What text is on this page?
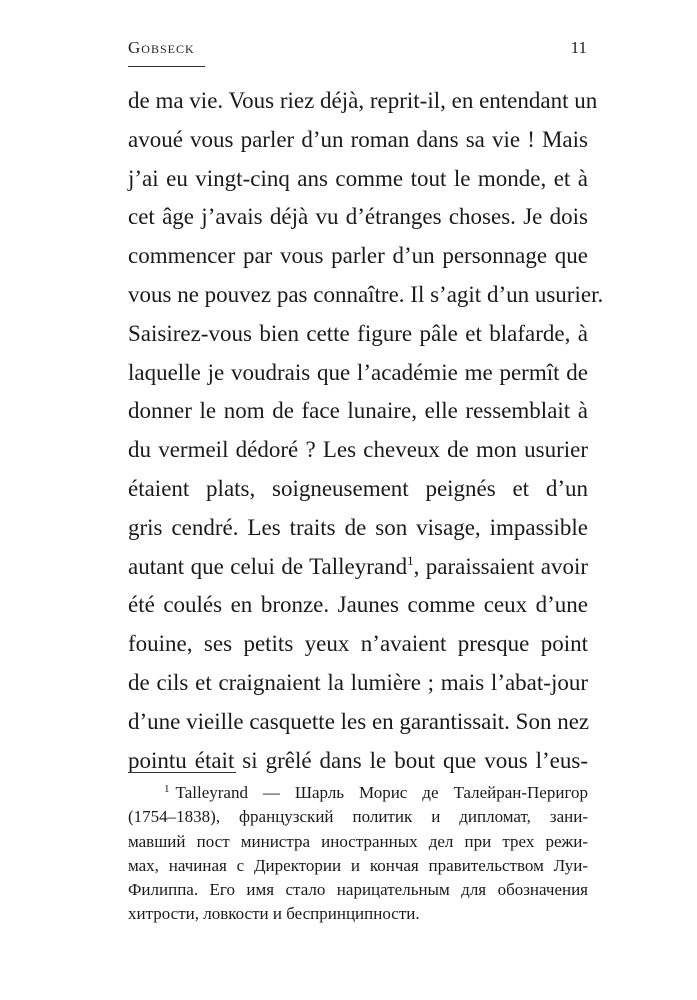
Gobseck	11
de ma vie. Vous riez déjà, reprit-il, en entendant un
avoué vous parler d’un roman dans sa vie ! Mais
j’ai eu vingt-cinq ans comme tout le monde, et à
cet âge j’avais déjà vu d’étranges choses. Je dois
commencer par vous parler d’un personnage que
vous ne pouvez pas connaître. Il s’agit d’un usurier.
Saisirez-vous bien cette figure pâle et blafarde, à
laquelle je voudrais que l’académie me permît de
donner le nom de face lunaire, elle ressemblait à
du vermeil dédoré ? Les cheveux de mon usurier
étaient plats, soigneusement peignés et d’un
gris cendré. Les traits de son visage, impassible
autant que celui de Talleyrand$^1$, paraissaient avoir
été coulés en bronze. Jaunes comme ceux d’une
fouine, ses petits yeux n’avaient presque point
de cils et craignaient la lumière ; mais l’abat-jour
d’une vieille casquette les en garantissait. Son nez
pointu était si grêlé dans le bout que vous l’eus-
$^1$ Talleyrand — Шарль Морис де Талейран-Перигор
(1754–1838), французский политик и дипломат, зани-
мавший пост министра иностранных дел при трех режи-
мах, начиная с Директории и кончая правительством Луи-
Филиппа. Его имя стало нарицательным для обозначения
хитрости, ловкости и беспринципности.
